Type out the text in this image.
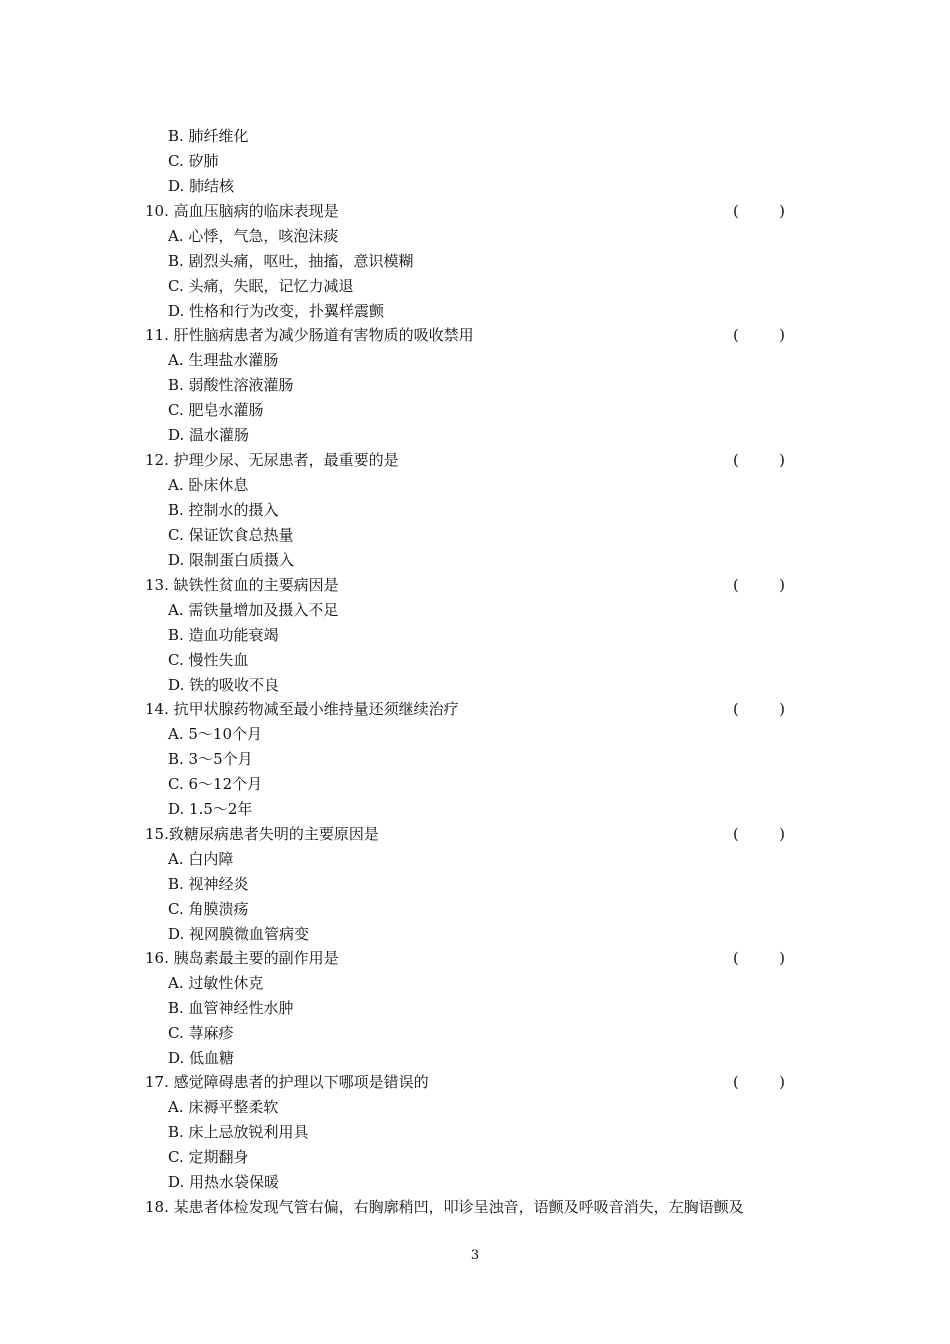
B. 肺纤维化
C. 矽肺
D. 肺结核
10. 高血压脑病的临床表现是	(	)
A. 心悸，气急，咳泡沫痰
B. 剧烈头痛，呕吐，抽搐，意识模糊
C. 头痛，失眠，记忆力减退
D. 性格和行为改变，扑翼样震颤
11. 肝性脑病患者为减少肠道有害物质的吸收禁用	(	)
A. 生理盐水灌肠
B. 弱酸性溶液灌肠
C. 肥皂水灌肠
D. 温水灌肠
12. 护理少尿、无尿患者，最重要的是	(	)
A. 卧床休息
B. 控制水的摄入
C. 保证饮食总热量
D. 限制蛋白质摄入
13. 缺铁性贫血的主要病因是	(	)
A. 需铁量增加及摄入不足
B. 造血功能衰竭
C. 慢性失血
D. 铁的吸收不良
14. 抗甲状腺药物减至最小维持量还须继续治疗	(	)
A. 5～10个月
B. 3～5个月
C. 6～12个月
D. 1.5～2年
15.致糖尿病患者失明的主要原因是	(	)
A. 白内障
B. 视神经炎
C. 角膜溃疡
D. 视网膜微血管病变
16. 胰岛素最主要的副作用是	(	)
A. 过敏性休克
B. 血管神经性水肿
C. 荨麻疹
D. 低血糖
17. 感觉障碍患者的护理以下哪项是错误的	(	)
A. 床褥平整柔软
B. 床上忌放锐利用具
C. 定期翻身
D. 用热水袋保暖
18. 某患者体检发现气管右偏，右胸廓稍凹，叩诊呈浊音，语颤及呼吸音消失，左胸语颤及
3
